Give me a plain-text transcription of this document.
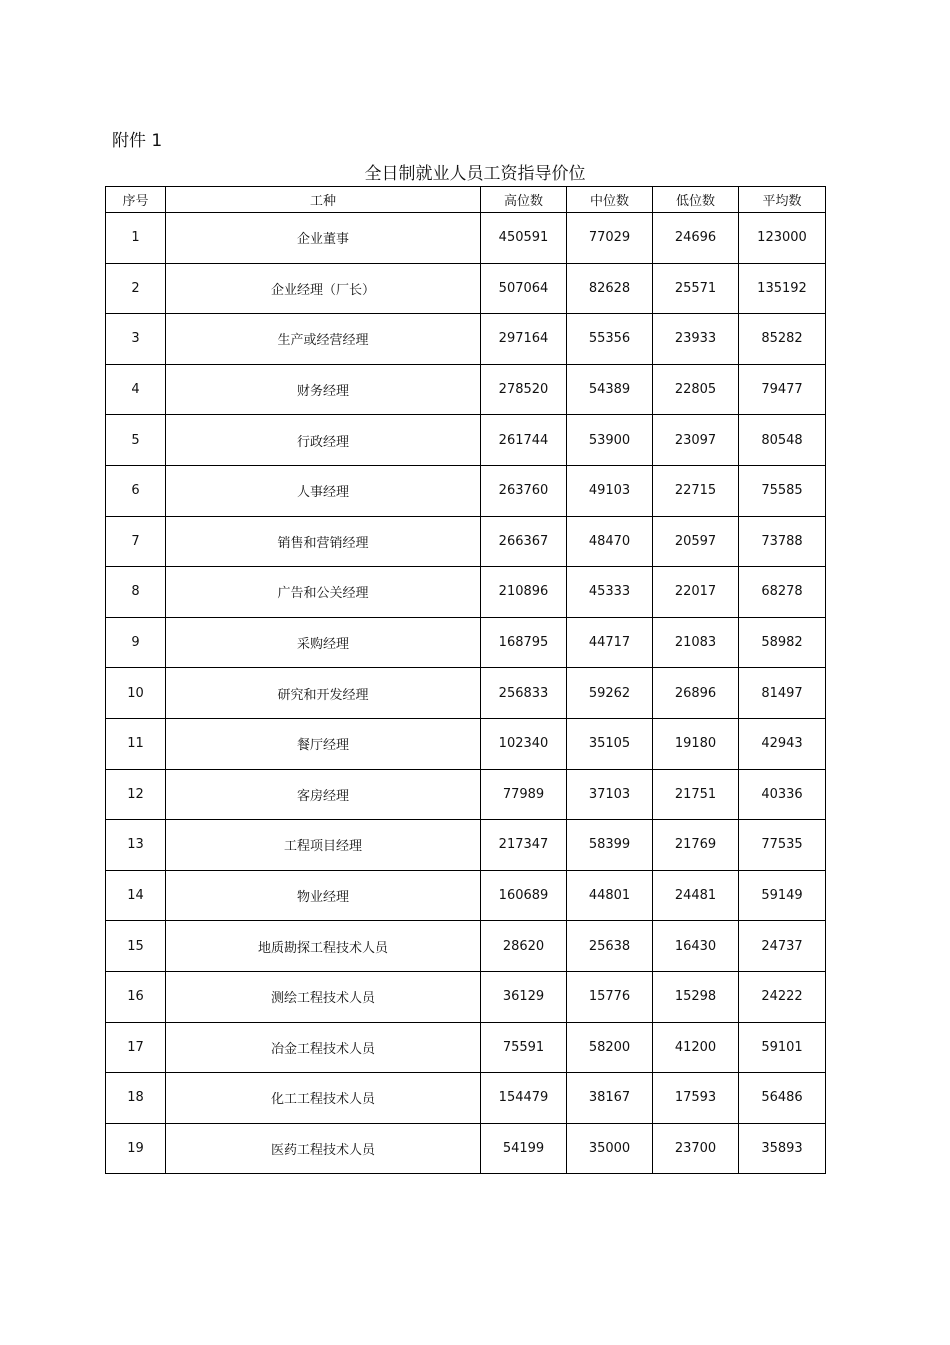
附件 1
全日制就业人员工资指导价位
序号	工种	高位数	中位数	低位数	平均数
1	企业董事	450591	77029	24696	123000
2	企业经理（厂长）	507064	82628	25571	135192
3	生产或经营经理	297164	55356	23933	85282
4	财务经理	278520	54389	22805	79477
5	行政经理	261744	53900	23097	80548
6	人事经理	263760	49103	22715	75585
7	销售和营销经理	266367	48470	20597	73788
8	广告和公关经理	210896	45333	22017	68278
9	采购经理	168795	44717	21083	58982
10	研究和开发经理	256833	59262	26896	81497
11	餐厅经理	102340	35105	19180	42943
12	客房经理	77989	37103	21751	40336
13	工程项目经理	217347	58399	21769	77535
14	物业经理	160689	44801	24481	59149
15	地质勘探工程技术人员	28620	25638	16430	24737
16	测绘工程技术人员	36129	15776	15298	24222
17	冶金工程技术人员	75591	58200	41200	59101
18	化工工程技术人员	154479	38167	17593	56486
19	医药工程技术人员	54199	35000	23700	35893
